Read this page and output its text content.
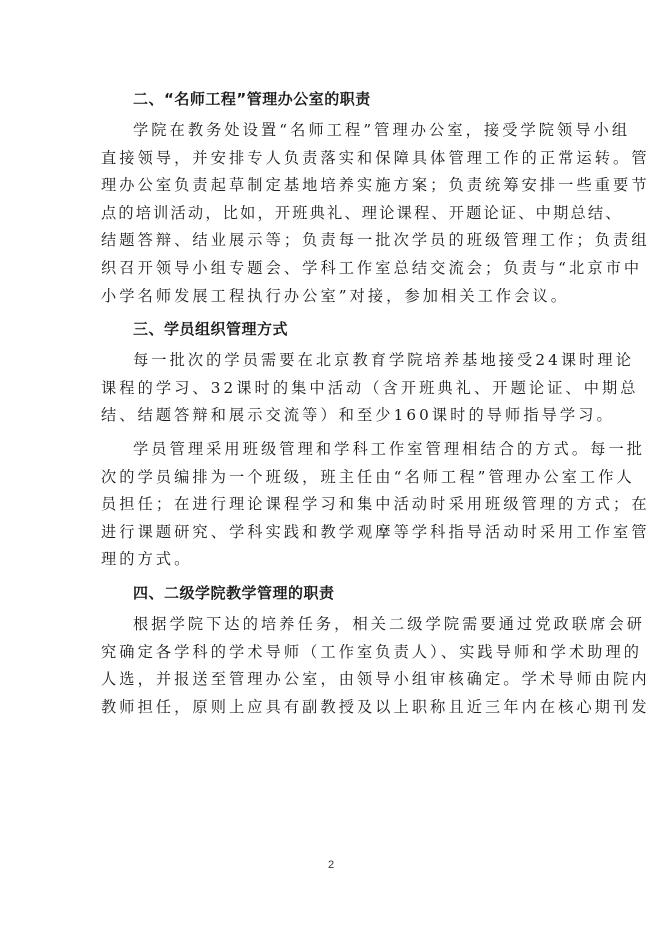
二、“名师工程”管理办公室的职责
学院在教务处设置“名师工程”管理办公室，接受学院领导小组
直接领导，并安排专人负责落实和保障具体管理工作的正常运转。管
理办公室负责起草制定基地培养实施方案；负责统筹安排一些重要节
点的培训活动，比如，开班典礼、理论课程、开题论证、中期总结、
结题答辩、结业展示等；负责每一批次学员的班级管理工作；负责组
织召开领导小组专题会、学科工作室总结交流会；负责与“北京市中
小学名师发展工程执行办公室”对接，参加相关工作会议。
三、学员组织管理方式
每一批次的学员需要在北京教育学院培养基地接受24课时理论
课程的学习、32课时的集中活动（含开班典礼、开题论证、中期总
结、结题答辩和展示交流等）和至少160课时的导师指导学习。
学员管理采用班级管理和学科工作室管理相结合的方式。每一批
次的学员编排为一个班级，班主任由“名师工程”管理办公室工作人
员担任；在进行理论课程学习和集中活动时采用班级管理的方式；在
进行课题研究、学科实践和教学观摩等学科指导活动时采用工作室管
理的方式。
四、二级学院教学管理的职责
根据学院下达的培养任务，相关二级学院需要通过党政联席会研
究确定各学科的学术导师（工作室负责人）、实践导师和学术助理的
人选，并报送至管理办公室，由领导小组审核确定。学术导师由院内
教师担任，原则上应具有副教授及以上职称且近三年内在核心期刊发
2
